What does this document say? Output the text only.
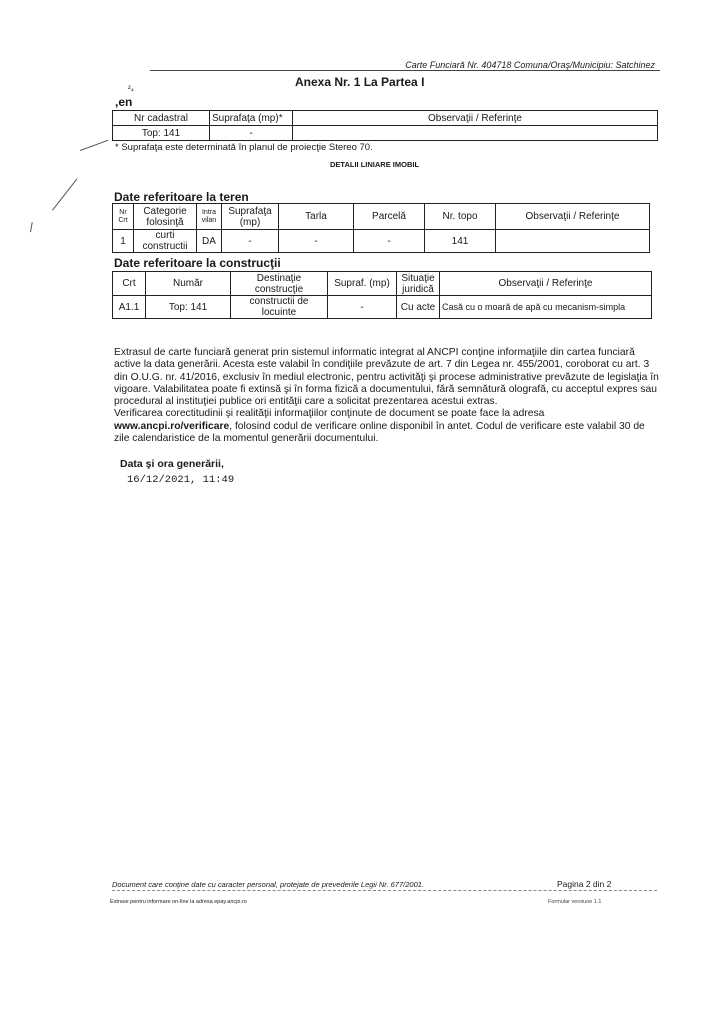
Carte Funciară Nr. 404718 Comuna/Oraş/Municipiu: Satchinez
Anexa Nr. 1 La Partea I
²₄
,en
Nr cadastral	Suprafaţa (mp)*	Observaţii / Referinţe
Top: 141	-	
* Suprafaţa este determinată în planul de proiecţie Stereo 70.
DETALII LINIARE IMOBIL
Date referitoare la teren
Nr Crt	Categorie folosinţă	Intra vilan	Suprafaţa (mp)	Tarla	Parcelă	Nr. topo	Observaţii / Referinţe
1	curti constructii	DA	-	-	-	141	
Date referitoare la construcţii
Crt	Număr	Destinaţie construcţie	Supraf. (mp)	Situaţie juridică	Observaţii / Referinţe
A1.1	Top: 141	constructii de locuinte	-	Cu acte	Casă cu o moară de apă cu mecanism-simpla

Extrasul de carte funciară generat prin sistemul informatic integrat al ANCPI conţine informaţiile din cartea funciară active la data generării. Acesta este valabil în condiţiile prevăzute de art. 7 din Legea nr. 455/2001, coroborat cu art. 3 din O.U.G. nr. 41/2016, exclusiv în mediul electronic, pentru activităţi şi procese administrative prevăzute de legislaţia în vigoare. Valabilitatea poate fi extinsă şi în forma fizică a documentului, fără semnătură olografă, cu acceptul expres sau procedural al instituţiei publice ori entităţii care a solicitat prezentarea acestui extras.

Verificarea corectitudinii şi realităţii informaţiilor conţinute de document se poate face la adresa www.ancpi.ro/verificare, folosind codul de verificare online disponibil în antet. Codul de verificare este valabil 30 de zile calendaristice de la momentul generării documentului.

Data şi ora generării,
16/12/2021, 11:49
Document care conţine date cu caracter personal, protejate de prevederile Legii Nr. 677/2001.	Pagina 2 din 2
Extrase pentru informare on-line la adresa epay.ancpi.ro	Formular versiune 1.1
